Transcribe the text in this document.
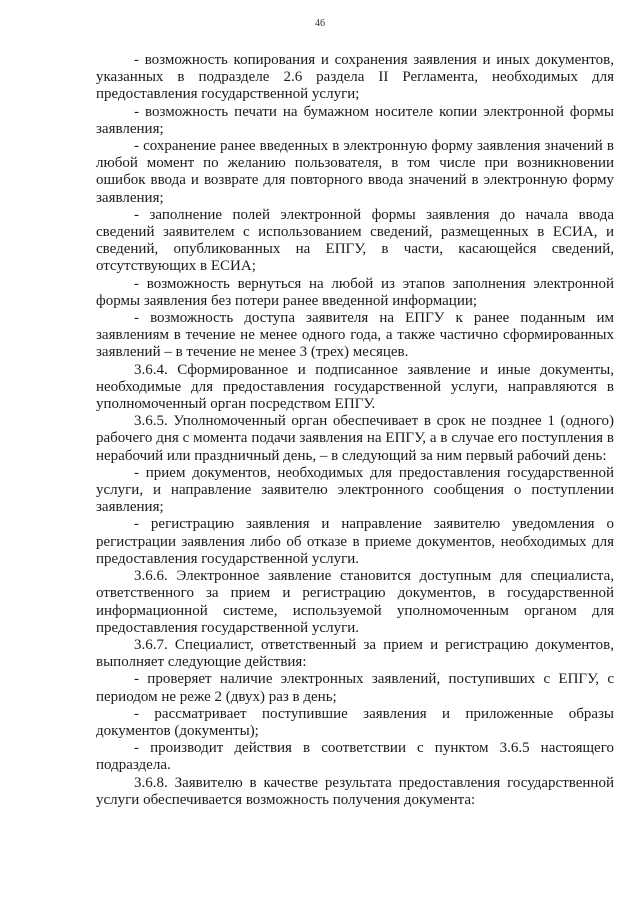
46

- возможность копирования и сохранения заявления и иных документов, указанных в подразделе 2.6 раздела II Регламента, необходимых для предоставления государственной услуги;

- возможность печати на бумажном носителе копии электронной формы заявления;

- сохранение ранее введенных в электронную форму заявления значений в любой момент по желанию пользователя, в том числе при возникновении ошибок ввода и возврате для повторного ввода значений в электронную форму заявления;

- заполнение полей электронной формы заявления до начала ввода сведений заявителем с использованием сведений, размещенных в ЕСИА, и сведений, опубликованных на ЕПГУ, в части, касающейся сведений, отсутствующих в ЕСИА;

- возможность вернуться на любой из этапов заполнения электронной формы заявления без потери ранее введенной информации;

- возможность доступа заявителя на ЕПГУ к ранее поданным им заявлениям в течение не менее одного года, а также частично сформированных заявлений – в течение не менее 3 (трех) месяцев.

3.6.4. Сформированное и подписанное заявление и иные документы, необходимые для предоставления государственной услуги, направляются в уполномоченный орган посредством ЕПГУ.

3.6.5. Уполномоченный орган обеспечивает в срок не позднее 1 (одного) рабочего дня с момента подачи заявления на ЕПГУ, а в случае его поступления в нерабочий или праздничный день, – в следующий за ним первый рабочий день:

- прием документов, необходимых для предоставления государственной услуги, и направление заявителю электронного сообщения о поступлении заявления;

- регистрацию заявления и направление заявителю уведомления о регистрации заявления либо об отказе в приеме документов, необходимых для предоставления государственной услуги.

3.6.6. Электронное заявление становится доступным для специалиста, ответственного за прием и регистрацию документов, в государственной информационной системе, используемой уполномоченным органом для предоставления государственной услуги.

3.6.7. Специалист, ответственный за прием и регистрацию документов, выполняет следующие действия:

- проверяет наличие электронных заявлений, поступивших с ЕПГУ, с периодом не реже 2 (двух) раз в день;

- рассматривает поступившие заявления и приложенные образы документов (документы);

- производит действия в соответствии с пунктом 3.6.5 настоящего подраздела.

3.6.8. Заявителю в качестве результата предоставления государственной услуги обеспечивается возможность получения документа:
